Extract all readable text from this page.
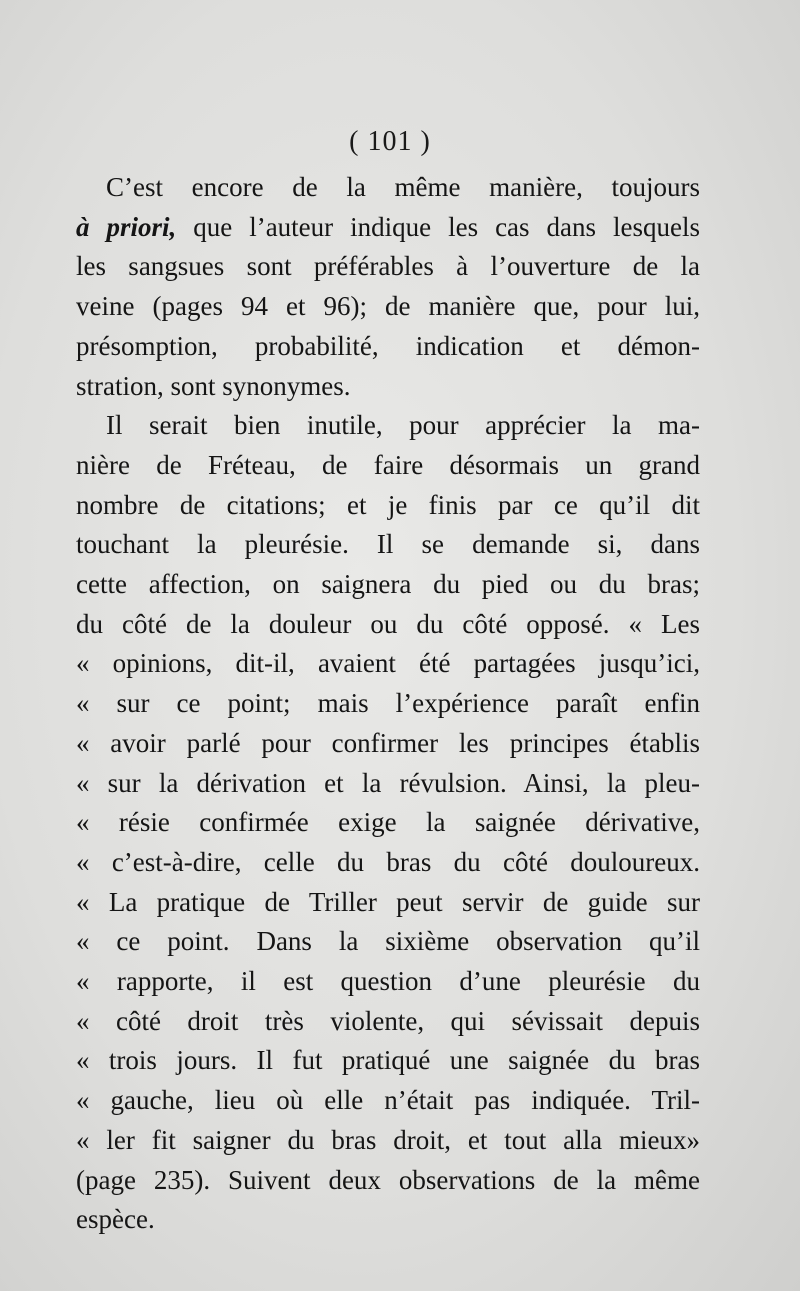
( 101 )
C’est encore de la même manière, toujours
à priori, que l’auteur indique les cas dans lesquels
les sangsues sont préférables à l’ouverture de la
veine (pages 94 et 96); de manière que, pour lui,
présomption, probabilité, indication et démon-
stration, sont synonymes.
Il serait bien inutile, pour apprécier la ma-
nière de Fréteau, de faire désormais un grand
nombre de citations; et je finis par ce qu’il dit
touchant la pleurésie. Il se demande si, dans
cette affection, on saignera du pied ou du bras;
du côté de la douleur ou du côté opposé. « Les
« opinions, dit-il, avaient été partagées jusqu’ici,
« sur ce point; mais l’expérience paraît enfin
« avoir parlé pour confirmer les principes établis
« sur la dérivation et la révulsion. Ainsi, la pleu-
« résie confirmée exige la saignée dérivative,
« c’est-à-dire, celle du bras du côté douloureux.
« La pratique de Triller peut servir de guide sur
« ce point. Dans la sixième observation qu’il
« rapporte, il est question d’une pleurésie du
« côté droit très violente, qui sévissait depuis
« trois jours. Il fut pratiqué une saignée du bras
« gauche, lieu où elle n’était pas indiquée. Tril-
« ler fit saigner du bras droit, et tout alla mieux»
(page 235). Suivent deux observations de la même
espèce.
